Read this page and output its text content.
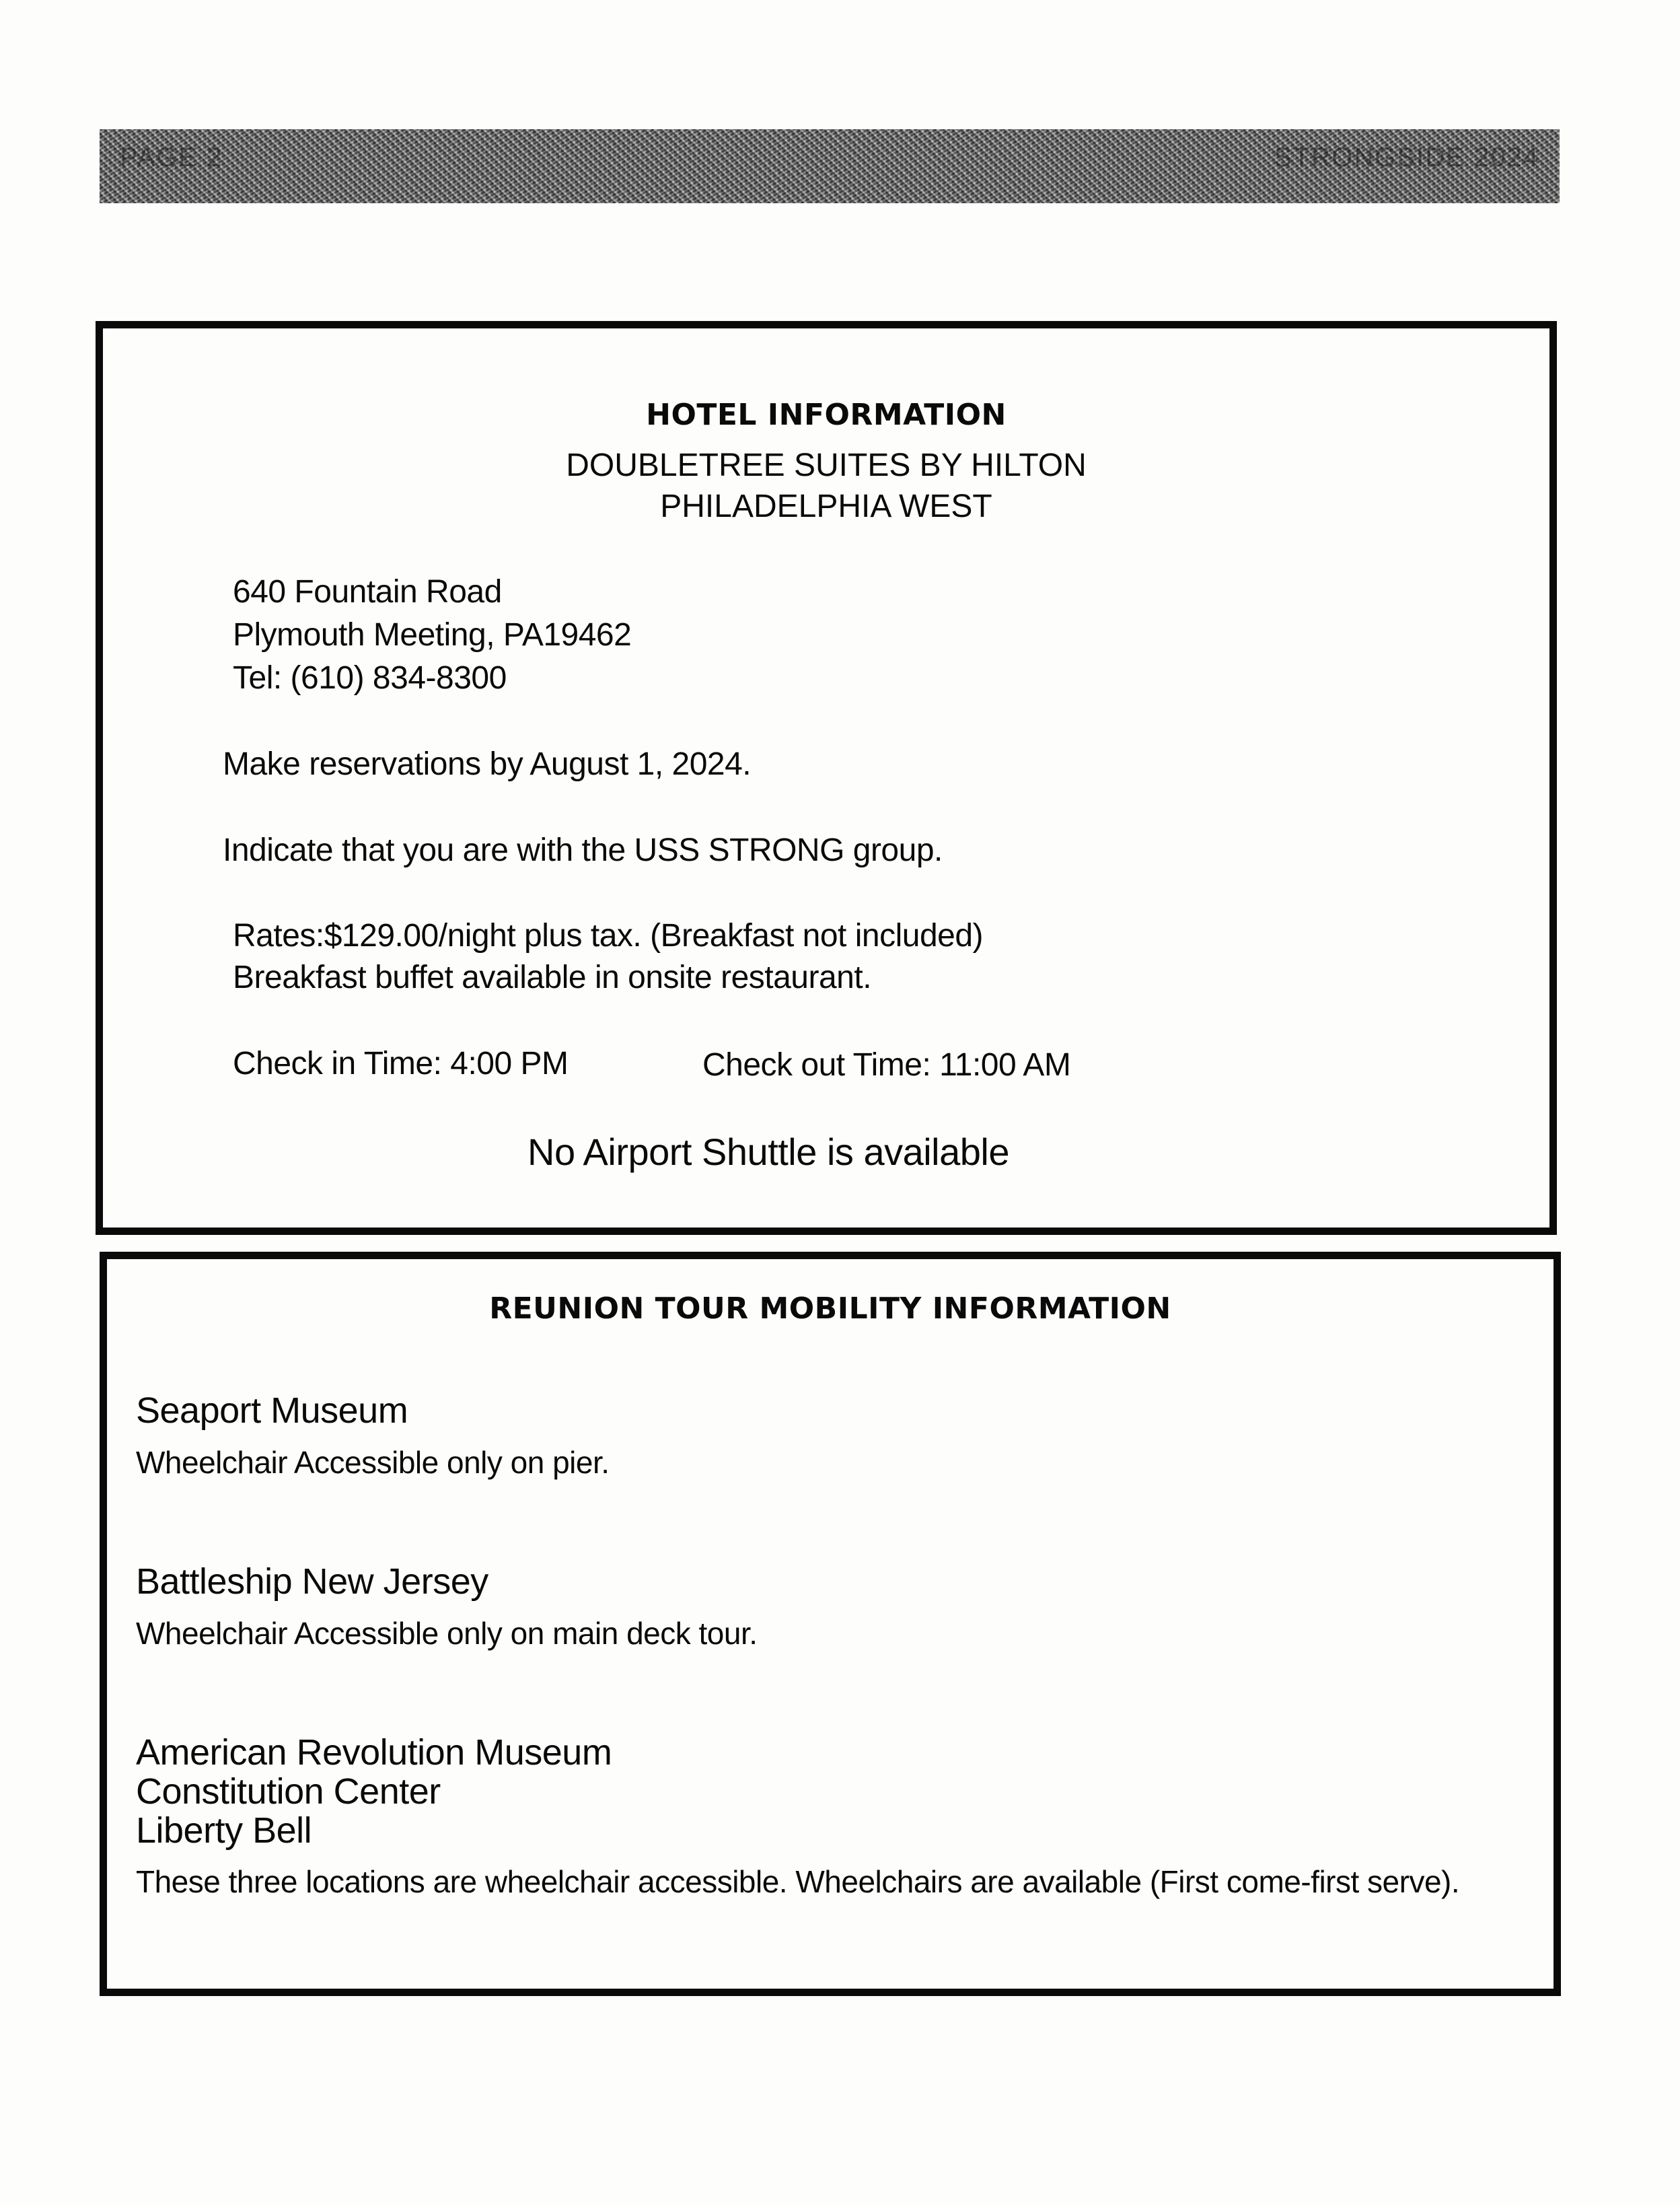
PAGE 2	STRONGSIDE 2024

HOTEL INFORMATION

DOUBLETREE SUITES BY HILTON

PHILADELPHIA WEST

640 Fountain Road

Plymouth Meeting, PA19462

Tel: (610) 834-8300

Make reservations by August 1, 2024.

Indicate that you are with the USS STRONG group.

Rates:$129.00/night plus tax. (Breakfast not included)

Breakfast buffet available in onsite restaurant.

Check in Time: 4:00 PM	Check out Time: 11:00 AM

No Airport Shuttle is available

REUNION TOUR MOBILITY INFORMATION

Seaport Museum

Wheelchair Accessible only on pier.

Battleship New Jersey

Wheelchair Accessible only on main deck tour.

American Revolution Museum

Constitution Center

Liberty Bell

These three locations are wheelchair accessible. Wheelchairs are available (First come-first serve).
